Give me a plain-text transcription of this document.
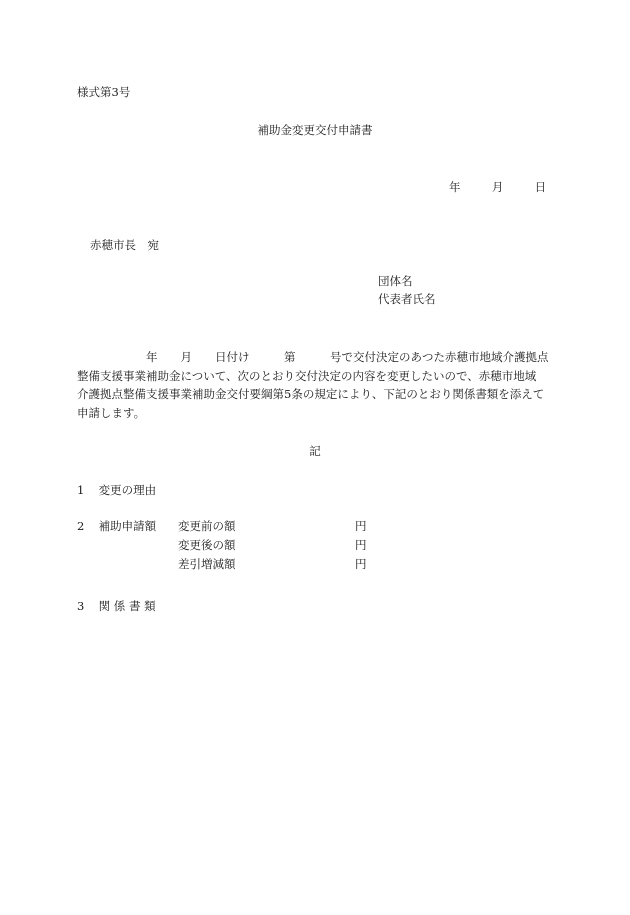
様式第3号
補助金変更交付申請書
年	月	日
赤穂市長　宛
団体名
代表者氏名
　　　　　　年　　月　　日付け　　　第　　　号で交付決定のあつた赤穂市地域介護拠点
整備支援事業補助金について、次のとおり交付決定の内容を変更したいので、赤穂市地域
介護拠点整備支援事業補助金交付要綱第5条の規定により、下記のとおり関係書類を添えて
申請します。
記
1 変更の理由
2 補助申請額 変更前の額	円
変更後の額	円
差引増減額	円
3 関 係 書 類
